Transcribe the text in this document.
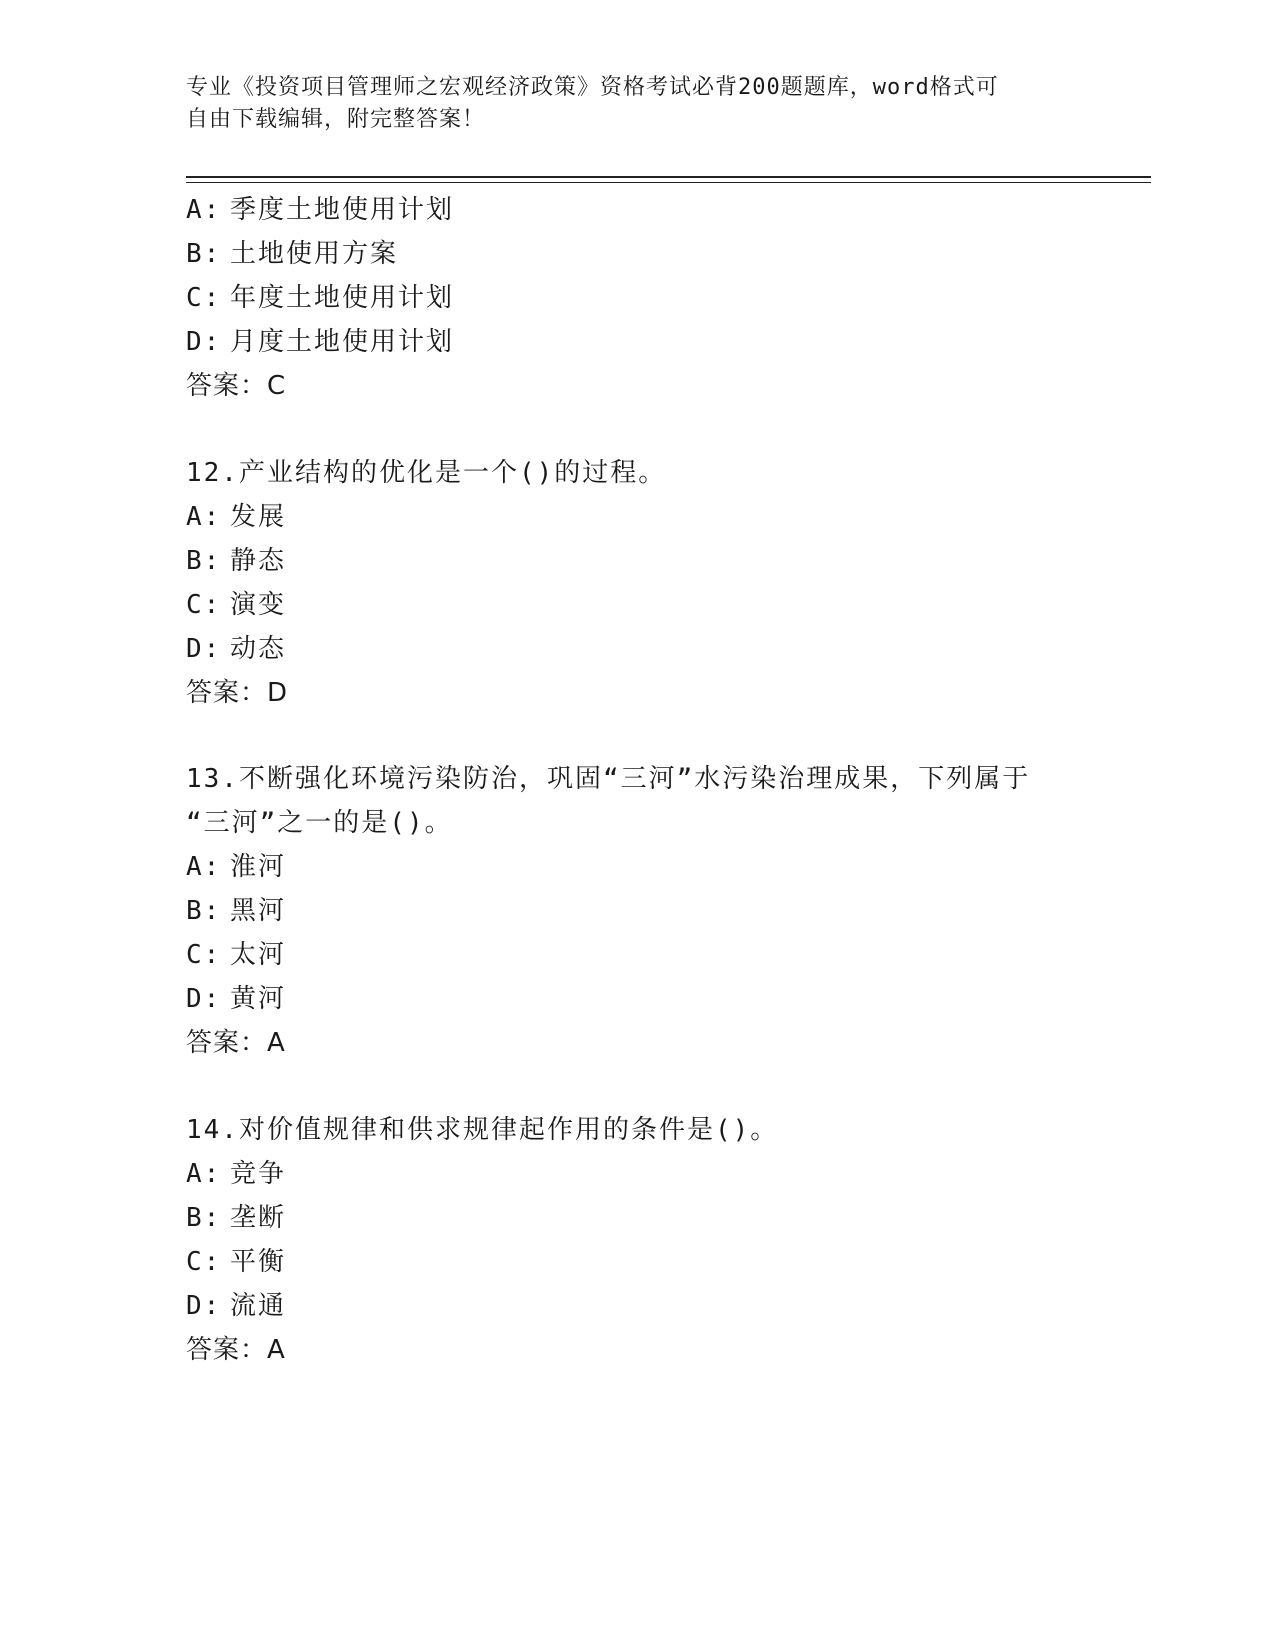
专业《投资项目管理师之宏观经济政策》资格考试必背200题题库，word格式可
自由下载编辑，附完整答案！
A: 季度土地使用计划
B: 土地使用方案
C: 年度土地使用计划
D: 月度土地使用计划
答案：C
12.产业结构的优化是一个()的过程。
A: 发展
B: 静态
C: 演变
D: 动态
答案：D
13.不断强化环境污染防治，巩固“三河”水污染治理成果，下列属于
“三河”之一的是()。
A: 淮河
B: 黑河
C: 太河
D: 黄河
答案：A
14.对价值规律和供求规律起作用的条件是()。
A: 竞争
B: 垄断
C: 平衡
D: 流通
答案：A
